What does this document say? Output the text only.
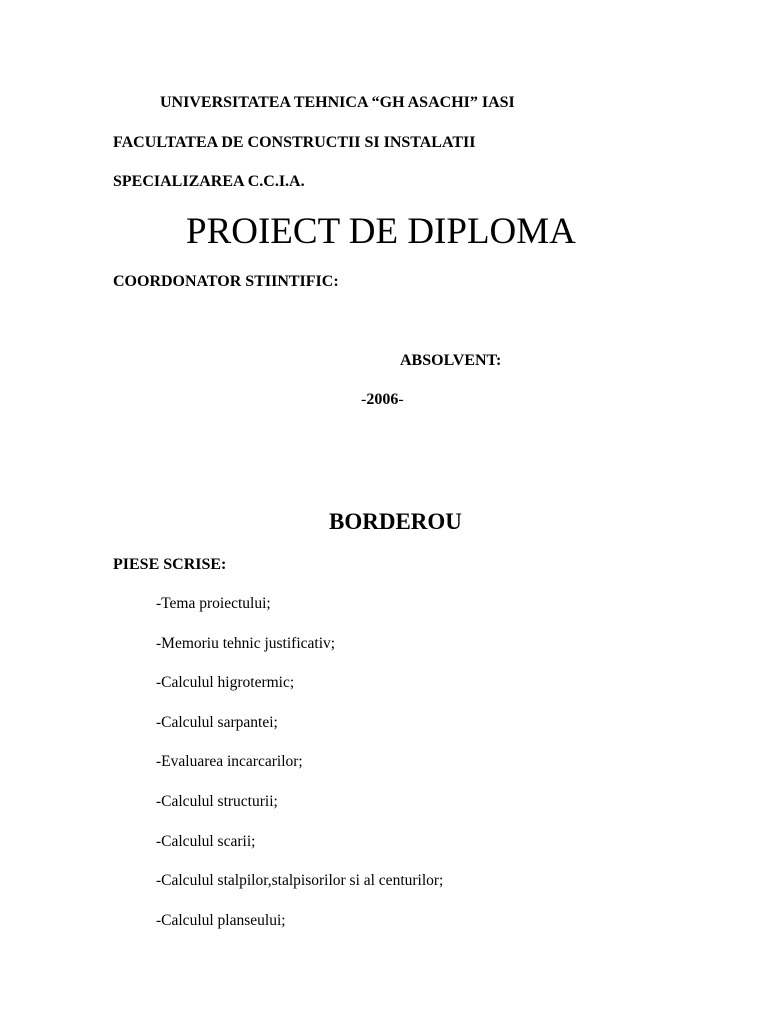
UNIVERSITATEA TEHNICA “GH ASACHI” IASI
FACULTATEA DE CONSTRUCTII SI INSTALATII
SPECIALIZAREA C.C.I.A.
PROIECT DE DIPLOMA
COORDONATOR STIINTIFIC:
ABSOLVENT:
-2006-
BORDEROU
PIESE SCRISE:
-Tema proiectului;
-Memoriu tehnic justificativ;
-Calculul higrotermic;
-Calculul sarpantei;
-Evaluarea incarcarilor;
-Calculul structurii;
-Calculul scarii;
-Calculul stalpilor,stalpisorilor si al centurilor;
-Calculul planseului;
